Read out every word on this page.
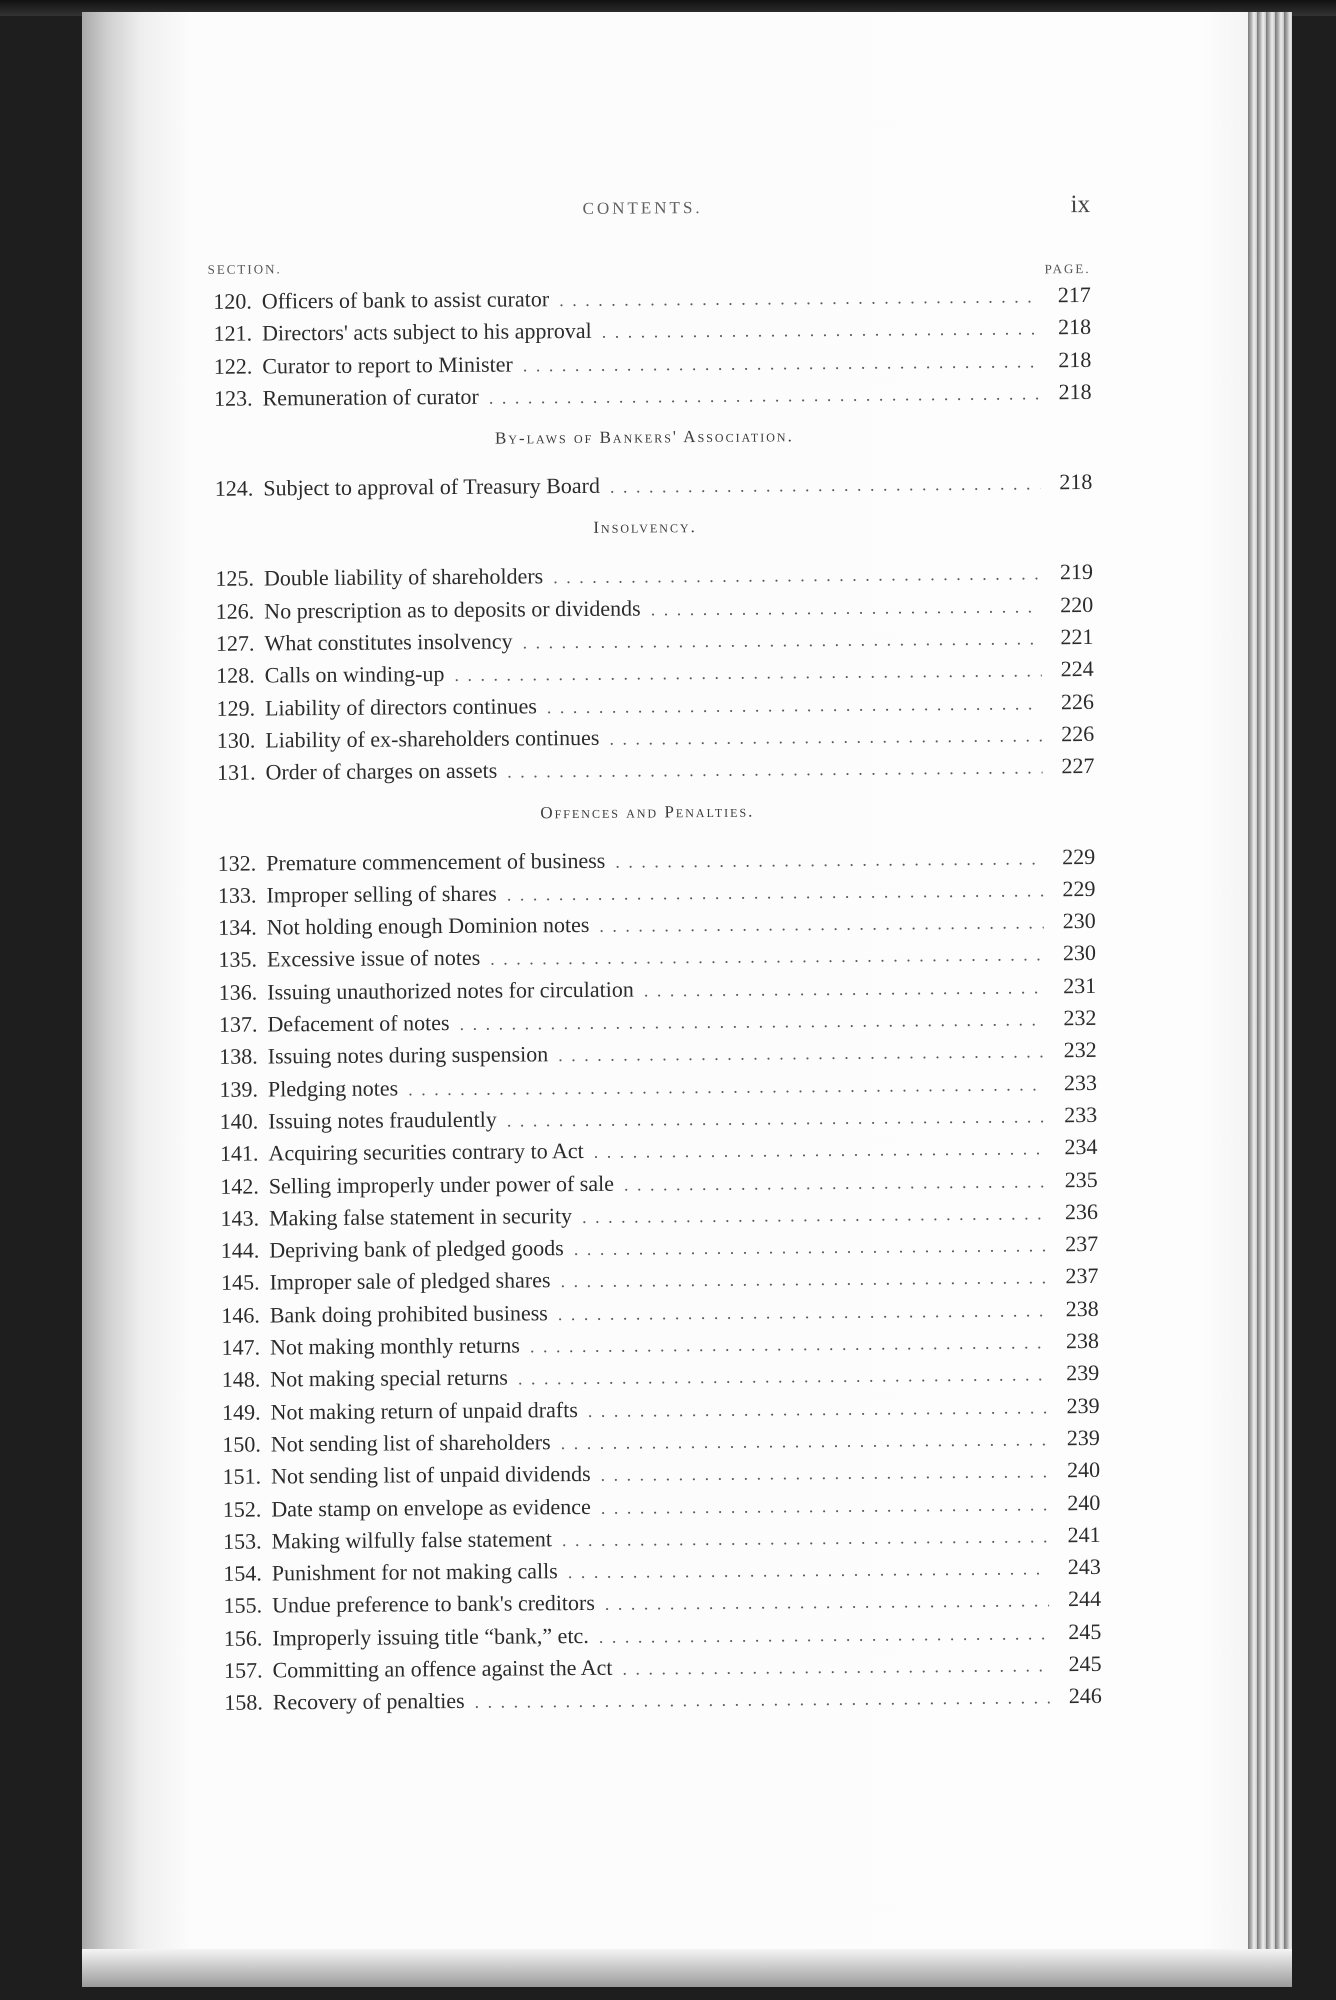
CONTENTS.	ix
SECTION.	PAGE.
120. Officers of bank to assist curator . . .	217
121. Directors' acts subject to his approval . . .	218
122. Curator to report to Minister . . .	218
123. Remuneration of curator . . .	218
By-laws of Bankers' Association.
124. Subject to approval of Treasury Board . . .	218
Insolvency.
125. Double liability of shareholders . . .	219
126. No prescription as to deposits or dividends . . .	220
127. What constitutes insolvency . . .	221
128. Calls on winding-up . . .	224
129. Liability of directors continues . . .	226
130. Liability of ex-shareholders continues . . .	226
131. Order of charges on assets . . .	227
Offences and Penalties.
132. Premature commencement of business . . .	229
133. Improper selling of shares . . .	229
134. Not holding enough Dominion notes . . .	230
135. Excessive issue of notes . . .	230
136. Issuing unauthorized notes for circulation . . .	231
137. Defacement of notes . . .	232
138. Issuing notes during suspension . . .	232
139. Pledging notes . . .	233
140. Issuing notes fraudulently . . .	233
141. Acquiring securities contrary to Act . . .	234
142. Selling improperly under power of sale . . .	235
143. Making false statement in security . . .	236
144. Depriving bank of pledged goods . . .	237
145. Improper sale of pledged shares . . .	237
146. Bank doing prohibited business . . .	238
147. Not making monthly returns . . .	238
148. Not making special returns . . .	239
149. Not making return of unpaid drafts . . .	239
150. Not sending list of shareholders . . .	239
151. Not sending list of unpaid dividends . . .	240
152. Date stamp on envelope as evidence . . .	240
153. Making wilfully false statement . . .	241
154. Punishment for not making calls . . .	243
155. Undue preference to bank's creditors . . .	244
156. Improperly issuing title “bank,” etc. . . .	245
157. Committing an offence against the Act . . .	245
158. Recovery of penalties . . .	246
